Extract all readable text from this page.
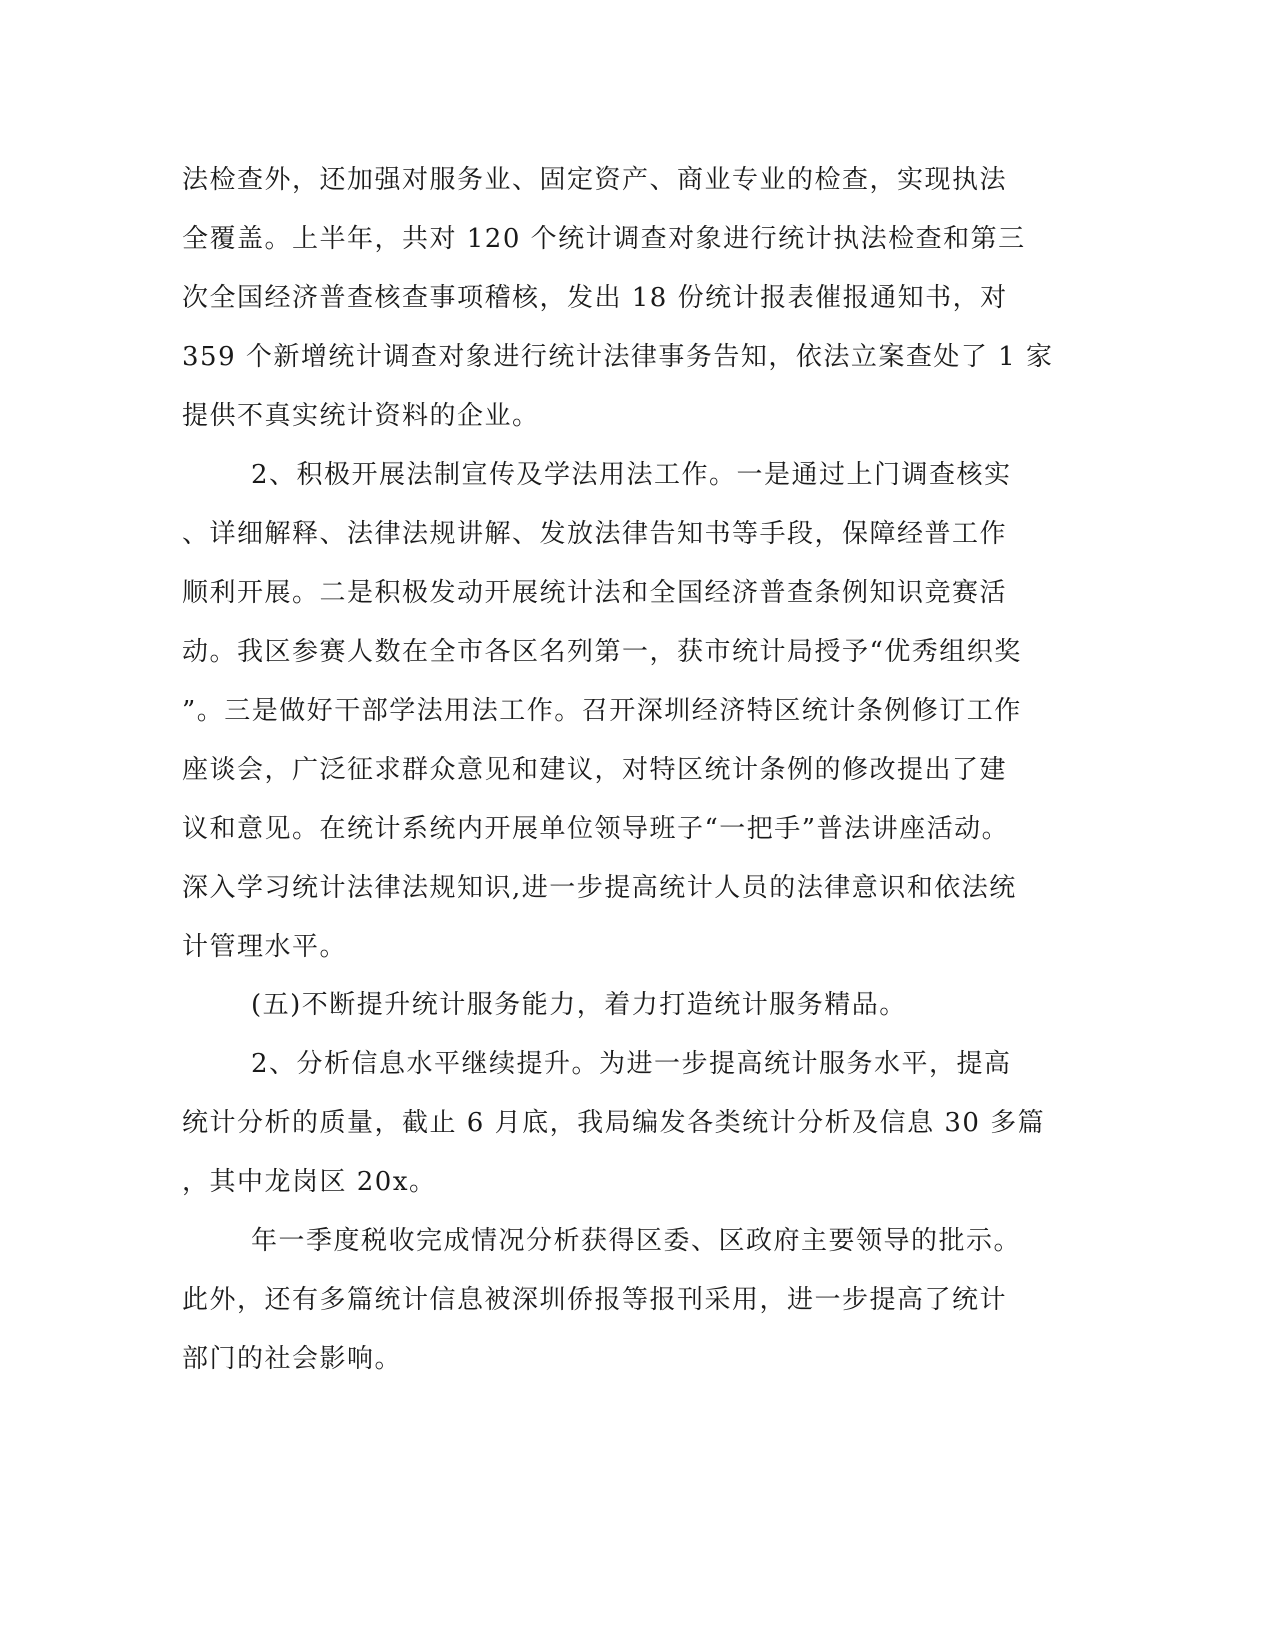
法检查外，还加强对服务业、固定资产、商业专业的检查，实现执法
全覆盖。上半年，共对 120 个统计调查对象进行统计执法检查和第三
次全国经济普查核查事项稽核，发出 18 份统计报表催报通知书，对
359 个新增统计调查对象进行统计法律事务告知，依法立案查处了 1 家
提供不真实统计资料的企业。
2、积极开展法制宣传及学法用法工作。一是通过上门调查核实
、详细解释、法律法规讲解、发放法律告知书等手段，保障经普工作
顺利开展。二是积极发动开展统计法和全国经济普查条例知识竞赛活
动。我区参赛人数在全市各区名列第一，获市统计局授予“优秀组织奖
”。三是做好干部学法用法工作。召开深圳经济特区统计条例修订工作
座谈会，广泛征求群众意见和建议，对特区统计条例的修改提出了建
议和意见。在统计系统内开展单位领导班子“一把手”普法讲座活动。
深入学习统计法律法规知识,进一步提高统计人员的法律意识和依法统
计管理水平。
(五)不断提升统计服务能力，着力打造统计服务精品。
2、分析信息水平继续提升。为进一步提高统计服务水平，提高
统计分析的质量，截止 6 月底，我局编发各类统计分析及信息 30 多篇
，其中龙岗区 20x。
年一季度税收完成情况分析获得区委、区政府主要领导的批示。
此外，还有多篇统计信息被深圳侨报等报刊采用，进一步提高了统计
部门的社会影响。
